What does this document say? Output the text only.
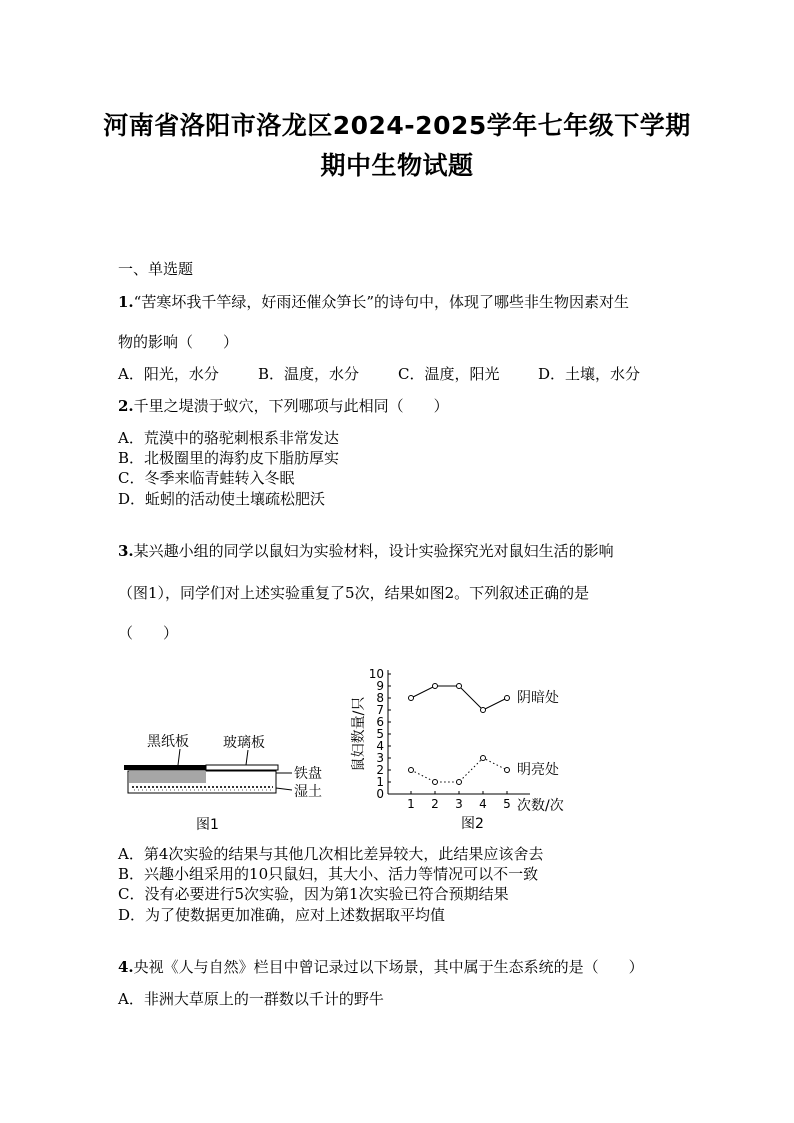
河南省洛阳市洛龙区2024-2025学年七年级下学期
期中生物试题
一、单选题
1.“苦寒坏我千竿绿，好雨还催众笋长”的诗句中，体现了哪些非生物因素对生
物的影响（　　）
A．阳光，水分	B．温度，水分	C．温度，阳光	D．土壤，水分
2.千里之堤溃于蚁穴，下列哪项与此相同（　　）
A．荒漠中的骆驼刺根系非常发达
B．北极圈里的海豹皮下脂肪厚实
C．冬季来临青蛙转入冬眠
D．蚯蚓的活动使土壤疏松肥沃
3.某兴趣小组的同学以鼠妇为实验材料，设计实验探究光对鼠妇生活的影响
（图1），同学们对上述实验重复了5次，结果如图2。下列叙述正确的是
（　　）
黑纸板 玻璃板
铁盘
湿土
图1
0
1
2
3
4
5
6
7
8
9
10
1 2 3 4 5 次数/次
鼠妇数量/只	阴暗处
明亮处
图2
A．第4次实验的结果与其他几次相比差异较大，此结果应该舍去
B．兴趣小组采用的10只鼠妇，其大小、活力等情况可以不一致
C．没有必要进行5次实验，因为第1次实验已符合预期结果
D．为了使数据更加准确，应对上述数据取平均值
4.央视《人与自然》栏目中曾记录过以下场景，其中属于生态系统的是（　　）
A．非洲大草原上的一群数以千计的野牛
